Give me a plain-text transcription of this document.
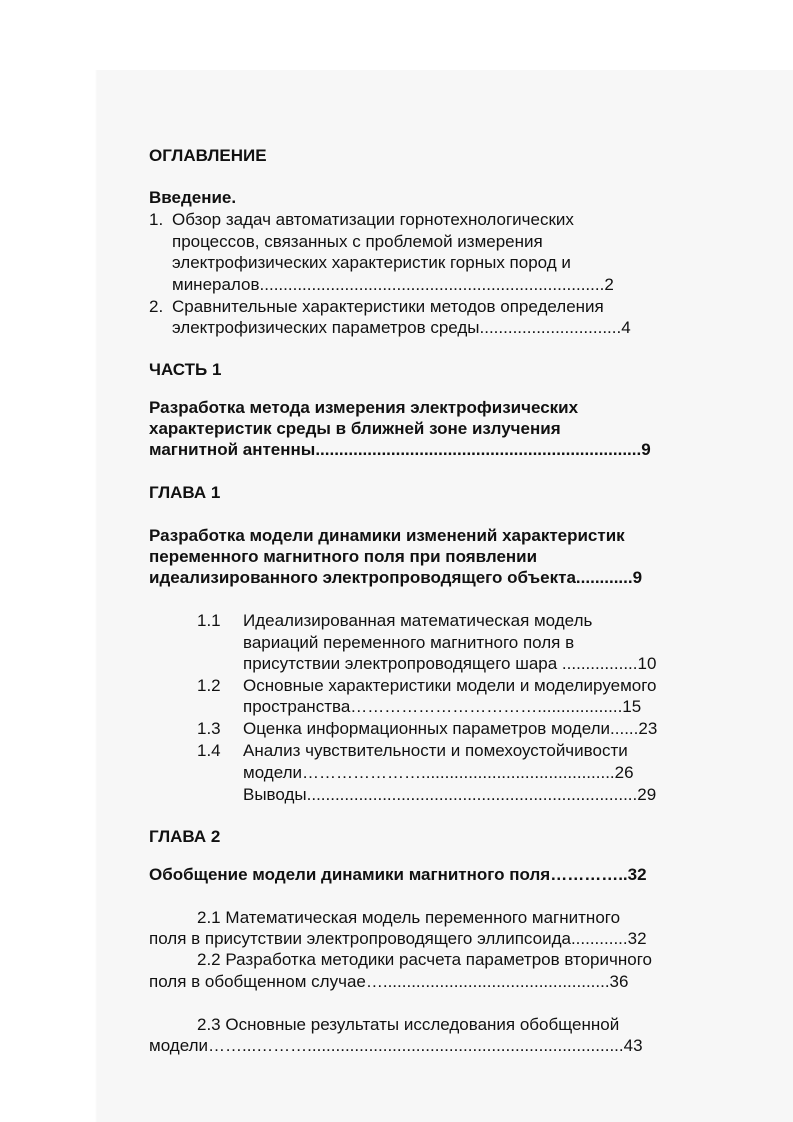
ОГЛАВЛЕНИЕ
Введение.
1. Обзор задач автоматизации горнотехнологических
процессов, связанных с проблемой измерения
электрофизических характеристик горных пород и
минералов.........................................................................2
2. Сравнительные характеристики методов определения
электрофизических параметров среды..............................4
ЧАСТЬ 1
Разработка метода измерения электрофизических
характеристик среды в ближней зоне излучения
магнитной антенны.....................................................................9
ГЛАВА 1
Разработка модели динамики изменений характеристик
переменного магнитного поля при появлении
идеализированного электропроводящего объекта............9
1.1 Идеализированная математическая модель
вариаций переменного магнитного поля в
присутствии электропроводящего шара ................10
1.2 Основные характеристики модели и моделируемого
пространства……………………………..................15
1.3 Оценка информационных параметров модели......23
1.4 Анализ чувствительности и помехоустойчивости
модели………………….........................................26
Выводы......................................................................29
ГЛАВА 2
Обобщение модели динамики магнитного поля…………..32
2.1 Математическая модель переменного магнитного
поля в присутствии электропроводящего эллипсоида............32
2.2 Разработка методики расчета параметров вторичного
поля в обобщенном случае…................................................36
2.3 Основные результаты исследования обобщенной
модели……...………...................................................................43
